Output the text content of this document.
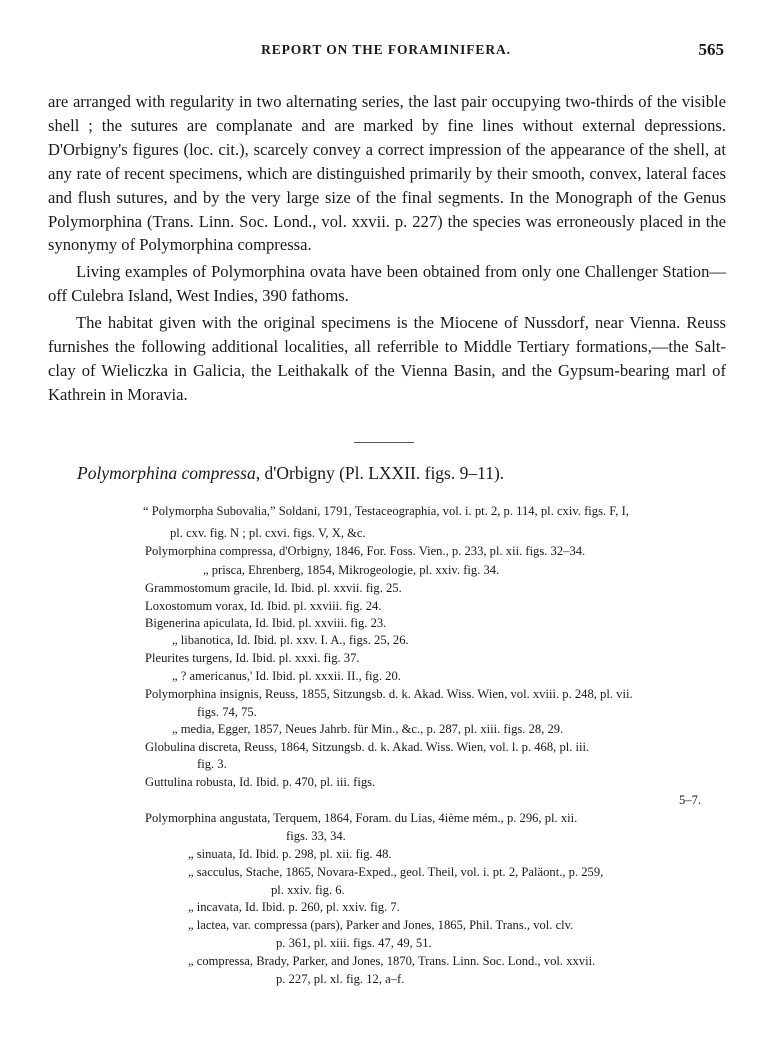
REPORT ON THE FORAMINIFERA.	565

are arranged with regularity in two alternating series, the last pair occupying two-thirds of the visible shell ; the sutures are complanate and are marked by fine lines without external depressions. D'Orbigny's figures (loc. cit.), scarcely convey a correct impression of the appearance of the shell, at any rate of recent specimens, which are distinguished primarily by their smooth, convex, lateral faces and flush sutures, and by the very large size of the final segments. In the Monograph of the Genus Polymorphina (Trans. Linn. Soc. Lond., vol. xxvii. p. 227) the species was erroneously placed in the synonymy of Polymorphina compressa.

Living examples of Polymorphina ovata have been obtained from only one Challenger Station—off Culebra Island, West Indies, 390 fathoms.

The habitat given with the original specimens is the Miocene of Nussdorf, near Vienna. Reuss furnishes the following additional localities, all referrible to Middle Tertiary formations,—the Salt-clay of Wieliczka in Galicia, the Leithakalk of the Vienna Basin, and the Gypsum-bearing marl of Kathrein in Moravia.

Polymorphina compressa, d'Orbigny (Pl. LXXII. figs. 9–11).
“ Polymorpha Subovalia,” Soldani, 1791, Testaceographia, vol. i. pt. 2, p. 114, pl. cxiv. figs. F, I,
pl. cxv. fig. N ; pl. cxvi. figs. V, X, &c.
Polymorphina compressa, d'Orbigny, 1846, For. Foss. Vien., p. 233, pl. xii. figs. 32–34.
„ prisca, Ehrenberg, 1854, Mikrogeologie, pl. xxiv. fig. 34.
Grammostomum gracile, Id. Ibid. pl. xxvii. fig. 25.
Loxostomum vorax, Id. Ibid. pl. xxviii. fig. 24.
Bigenerina apiculata, Id. Ibid. pl. xxviii. fig. 23.
„ libanotica, Id. Ibid. pl. xxv. I. A., figs. 25, 26.
Pleurites turgens, Id. Ibid. pl. xxxi. fig. 37.
„ ? americanus,' Id. Ibid. pl. xxxii. II., fig. 20.
Polymorphina insignis, Reuss, 1855, Sitzungsb. d. k. Akad. Wiss. Wien, vol. xviii. p. 248, pl. vii.
figs. 74, 75.
„ media, Egger, 1857, Neues Jahrb. für Min., &c., p. 287, pl. xiii. figs. 28, 29.
Globulina discreta, Reuss, 1864, Sitzungsb. d. k. Akad. Wiss. Wien, vol. l. p. 468, pl. iii.
fig. 3.
Guttulina robusta, Id. Ibid. p. 470, pl. iii. figs.
5–7.
Polymorphina angustata, Terquem, 1864, Foram. du Lias, 4ième mém., p. 296, pl. xii.
figs. 33, 34.
„ sinuata, Id. Ibid. p. 298, pl. xii. fig. 48.
„ sacculus, Stache, 1865, Novara-Exped., geol. Theil, vol. i. pt. 2, Paläont., p. 259,
pl. xxiv. fig. 6.
„ incavata, Id. Ibid. p. 260, pl. xxiv. fig. 7.
„ lactea, var. compressa (pars), Parker and Jones, 1865, Phil. Trans., vol. clv.
p. 361, pl. xiii. figs. 47, 49, 51.
„ compressa, Brady, Parker, and Jones, 1870, Trans. Linn. Soc. Lond., vol. xxvii.
p. 227, pl. xl. fig. 12, a–f.
